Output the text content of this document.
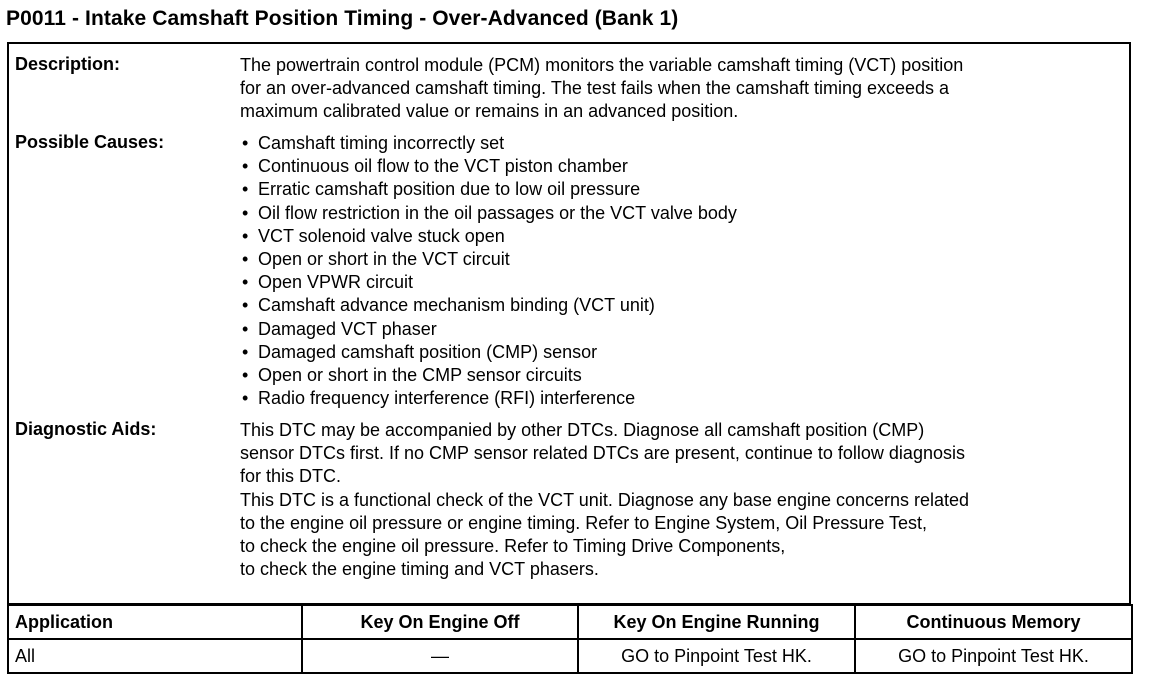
P0011 - Intake Camshaft Position Timing - Over-Advanced (Bank 1)
Description:	The powertrain control module (PCM) monitors the variable camshaft timing (VCT) position

for an over-advanced camshaft timing. The test fails when the camshaft timing exceeds a

maximum calibrated value or remains in an advanced position.

Possible Causes:	• Camshaft timing incorrectly set
• Continuous oil flow to the VCT piston chamber
• Erratic camshaft position due to low oil pressure
• Oil flow restriction in the oil passages or the VCT valve body
• VCT solenoid valve stuck open
• Open or short in the VCT circuit
• Open VPWR circuit
• Camshaft advance mechanism binding (VCT unit)
• Damaged VCT phaser
• Damaged camshaft position (CMP) sensor
• Open or short in the CMP sensor circuits
• Radio frequency interference (RFI) interference
Diagnostic Aids:	This DTC may be accompanied by other DTCs. Diagnose all camshaft position (CMP)

sensor DTCs first. If no CMP sensor related DTCs are present, continue to follow diagnosis

for this DTC.

This DTC is a functional check of the VCT unit. Diagnose any base engine concerns related

to the engine oil pressure or engine timing. Refer to Engine System, Oil Pressure Test,

to check the engine oil pressure. Refer to Timing Drive Components,

to check the engine timing and VCT phasers.

Application	Key On Engine Off	Key On Engine Running	Continuous Memory
All	—	GO to Pinpoint Test HK.	GO to Pinpoint Test HK.
